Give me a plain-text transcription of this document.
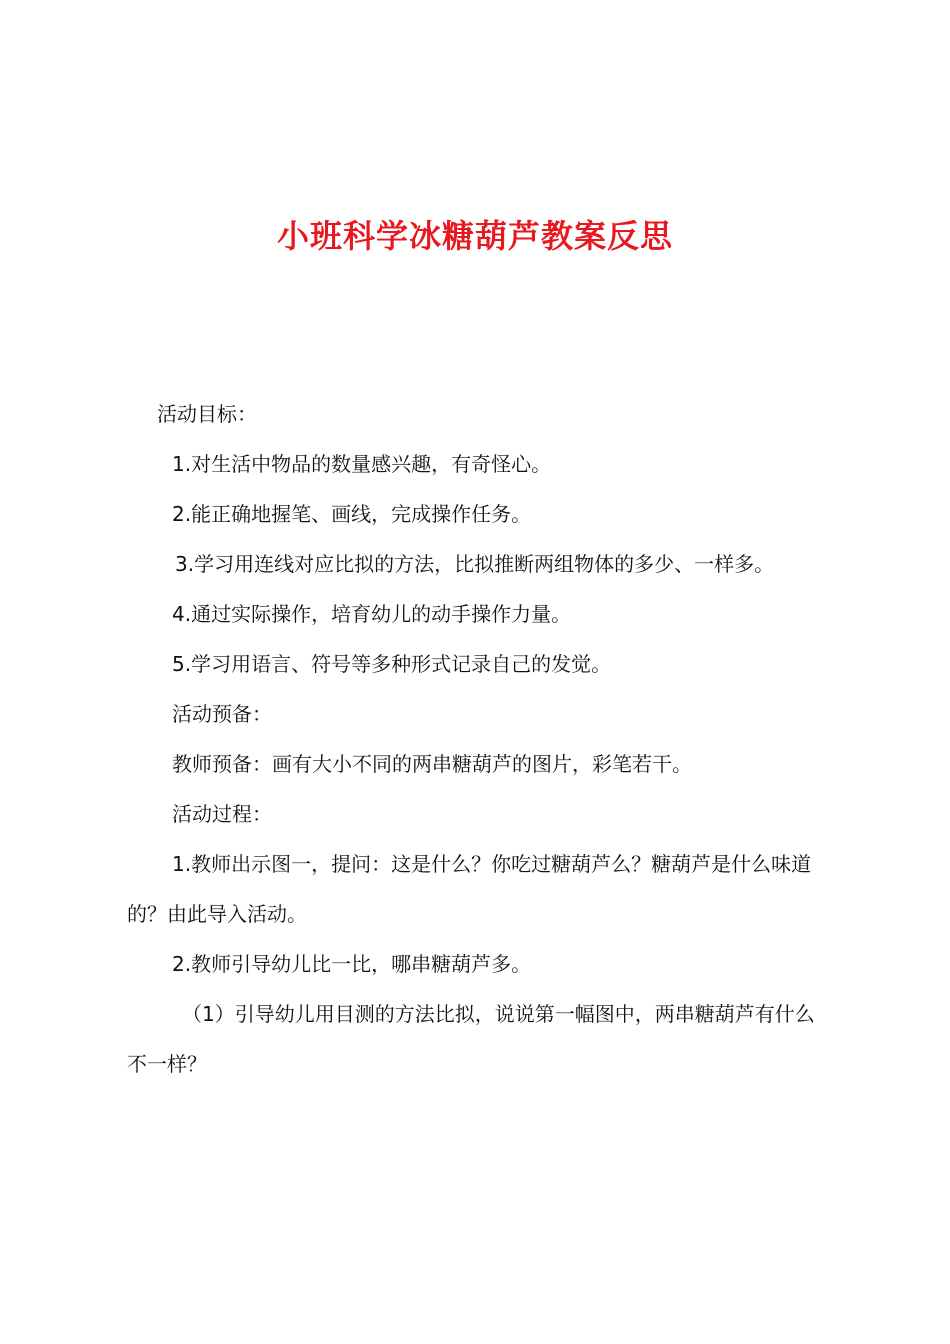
小班科学冰糖葫芦教案反思

活动目标：

1.对生活中物品的数量感兴趣，有奇怪心。

2.能正确地握笔、画线，完成操作任务。

3.学习用连线对应比拟的方法，比拟推断两组物体的多少、一样多。

4.通过实际操作，培育幼儿的动手操作力量。

5.学习用语言、符号等多种形式记录自己的发觉。

活动预备：

教师预备：画有大小不同的两串糖葫芦的图片，彩笔若干。

活动过程：

1.教师出示图一，提问：这是什么？你吃过糖葫芦么？糖葫芦是什么味道的？由此导入活动。

2.教师引导幼儿比一比，哪串糖葫芦多。

（1）引导幼儿用目测的方法比拟，说说第一幅图中，两串糖葫芦有什么不一样？
